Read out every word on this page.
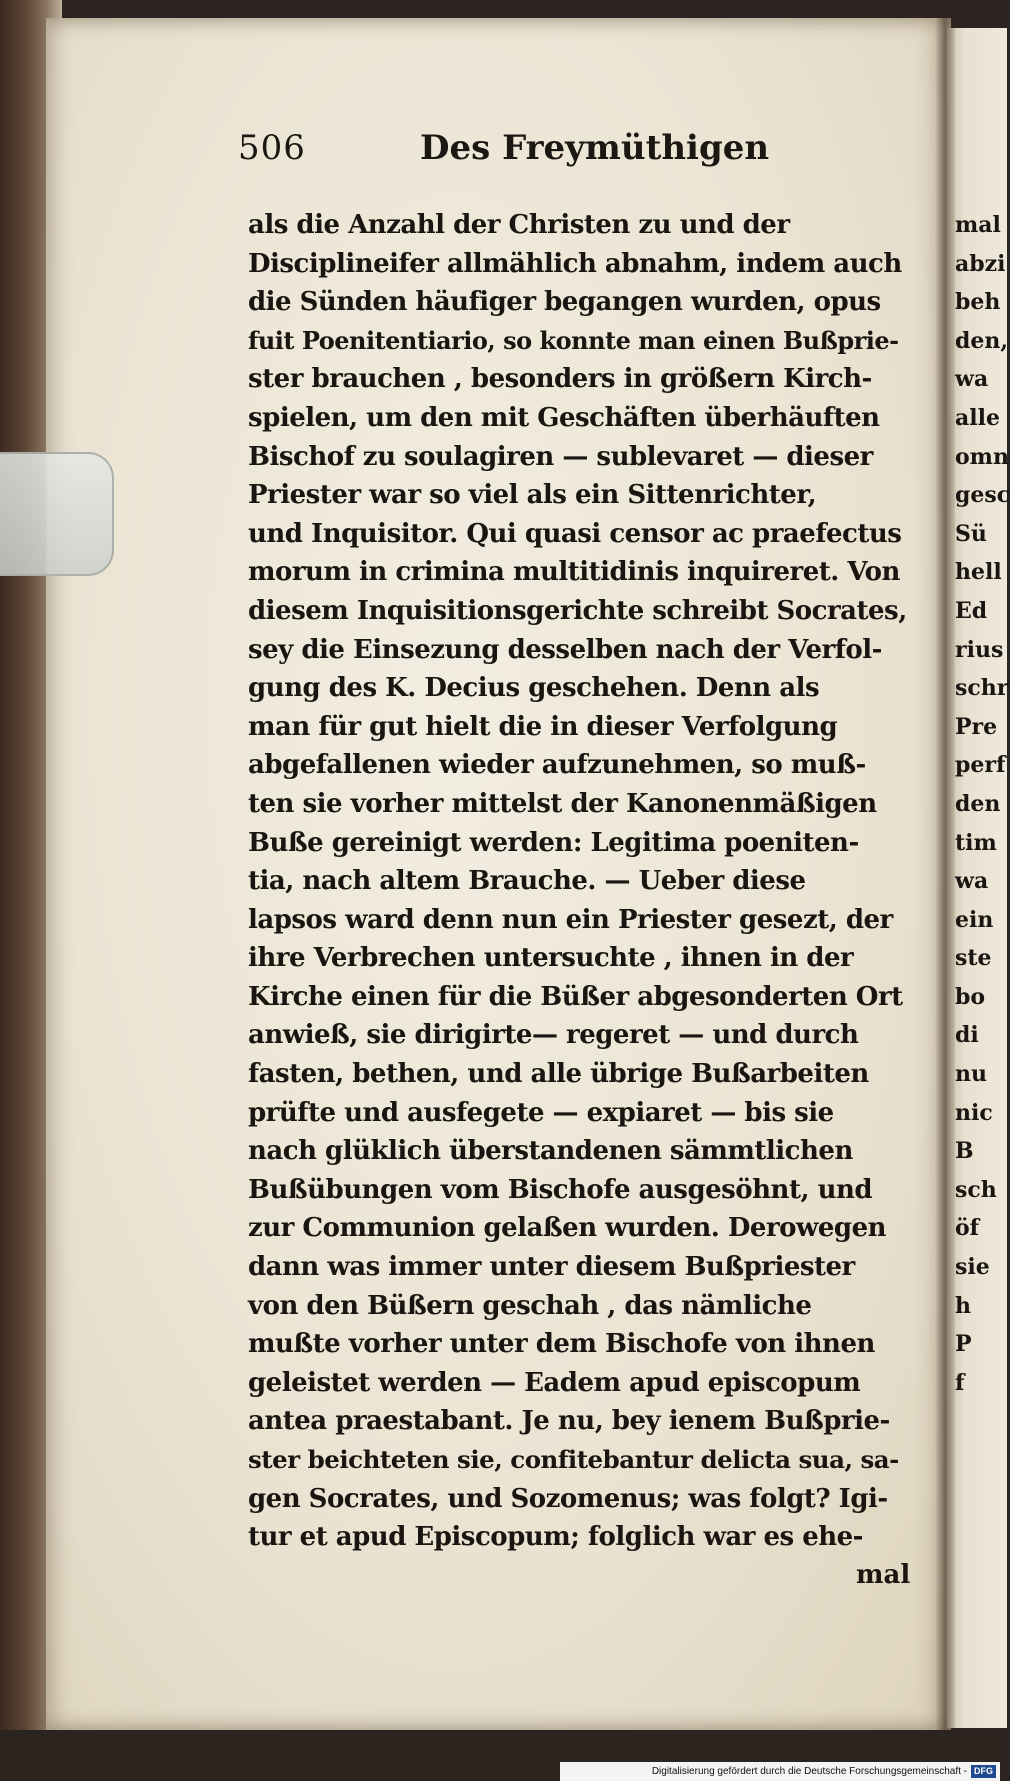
506	Des Freymüthigen
als die Anzahl der Christen zu und der
Disciplineifer allmählich abnahm, indem auch
die Sünden häufiger begangen wurden, opus
fuit Poenitentiario, so konnte man einen Bußprie-
ster brauchen , besonders in größern Kirch-
spielen, um den mit Geschäften überhäuften
Bischof zu soulagiren — sublevaret — dieser
Priester war so viel als ein Sittenrichter,
und Inquisitor. Qui quasi censor ac praefectus
morum in crimina multitidinis inquireret. Von
diesem Inquisitionsgerichte schreibt Socrates,
sey die Einsezung desselben nach der Verfol-
gung des K. Decius geschehen. Denn als
man für gut hielt die in dieser Verfolgung
abgefallenen wieder aufzunehmen, so muß-
ten sie vorher mittelst der Kanonenmäßigen
Buße gereinigt werden: Legitima poeniten-
tia, nach altem Brauche. — Ueber diese
lapsos ward denn nun ein Priester gesezt, der
ihre Verbrechen untersuchte , ihnen in der
Kirche einen für die Büßer abgesonderten Ort
anwieß, sie dirigirte— regeret — und durch
fasten, bethen, und alle übrige Bußarbeiten
prüfte und ausfegete — expiaret — bis sie
nach glüklich überstandenen sämmtlichen
Bußübungen vom Bischofe ausgesöhnt, und
zur Communion gelaßen wurden. Derowegen
dann was immer unter diesem Bußpriester
von den Büßern geschah , das nämliche
mußte vorher unter dem Bischofe von ihnen
geleistet werden — Eadem apud episcopum
antea praestabant. Je nu, bey ienem Bußprie-
ster beichteten sie, confitebantur delicta sua, sa-
gen Socrates, und Sozomenus; was folgt? Igi-
tur et apud Episcopum; folglich war es ehe-
mal
mal
abzi
beh
den,
wa
alle
omn
gesc
Sü
hell
Ed
rius
schr
Pre
perf
den
tim
wa
ein
ste
bo
di
nu
nic
B
sch
öf
sie
h
P
f
Digitalisierung gefördert durch die Deutsche Forschungsgemeinschaft - DFG
